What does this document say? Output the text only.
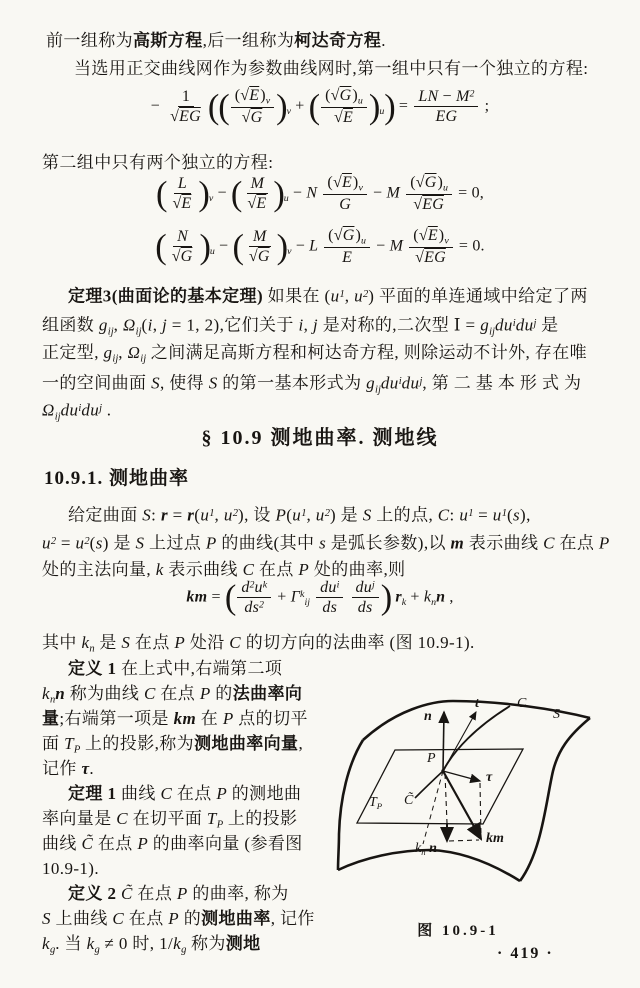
前一组称为高斯方程,后一组称为柯达奇方程.
当选用正交曲线网作为参数曲线网时,第一组中只有一个独立的方程:
− $\frac{1}{√EG}$ (( $\frac{(√E)_v}{√G} )_v$ + ( $\frac{(√G)_u}{√E} )_u) = \frac{LN - M^2}{EG}$ ;
第二组中只有两个独立的方程:
( $\frac{L}{√E} )_v$ − ( $\frac{M}{√E} )_u - N \frac{(√E)_v}{G} - M \frac{(√G)_u}{√EG} = 0$,
( $\frac{N}{√G} )_u$ − ( $\frac{M}{√G} )_v - L \frac{(√G)_u}{E} - M \frac{(√E)_v}{√EG} = 0$.
定理3(曲面论的基本定理) 如果在 ($u^1$, $u^2$) 平面的单连通域中给定了两
组函数 $g_{ij}$, $\Omega_{ij}(i$, j = 1, 2),它们关于 i, j 是对称的,二次型 Ⅰ = $g_{ij}du^idu^j$ 是
正定型, $g_{ij}$, $\Omega_{ij}$ 之间满足高斯方程和柯达奇方程, 则除运动不计外, 存在唯
一的空间曲面 S, 使得 S 的第一基本形式为 $g_{ij}du^idu^j$, 第 二 基 本 形 式 为
$\Omega_{ij}du^idu^j$ .
§ 10.9 测地曲率. 测地线
10.9.1. 测地曲率
给定曲面 S: $r = r(u^1$, $u^2$), 设 $P(u^1$, $u^2$) 是 S 上的点, C: $u^1 = u^1(s)$,
$u^2 = u^2(s)$ 是 S 上过点 P 的曲线(其中 s 是弧长参数),以 m 表示曲线 C 在点 P
处的主法向量, k 表示曲线 C 在点 P 处的曲率,则
km = ( $\frac{d^2u^k}{ds^2} + \Gamma^k_{ij} \frac{du^i}{ds}$
$\frac{du^j}{ds}$ ) $r_k + k_nn$ ,
其中 $k_n$ 是 S 在点 P 处沿 C 的切方向的法曲率 (图 10.9-1).
定义 1 在上式中,右端第二项
$k_nn$ 称为曲线 C 在点 P 的法曲率向
量;右端第一项是 km 在 P 点的切平
面 $T_P$ 上的投影,称为测地曲率向量,
记作 τ.
定理 1 曲线 C 在点 P 的测地曲
率向量是 C 在切平面 $T_P$ 上的投影
曲线 C̃ 在点 P 的曲率向量 (参看图
10.9-1).
定义 2 C̃ 在点 P 的曲率, 称为
S 上曲线 C 在点 P 的测地曲率, 记作
$k_g$. 当 $k_g \ne 0$ 时, $1/k_g$ 称为测地
n
t	C
S
P
τ
C̃
$T_P$
$k_n$ n
km
图 10.9-1
· 419 ·
